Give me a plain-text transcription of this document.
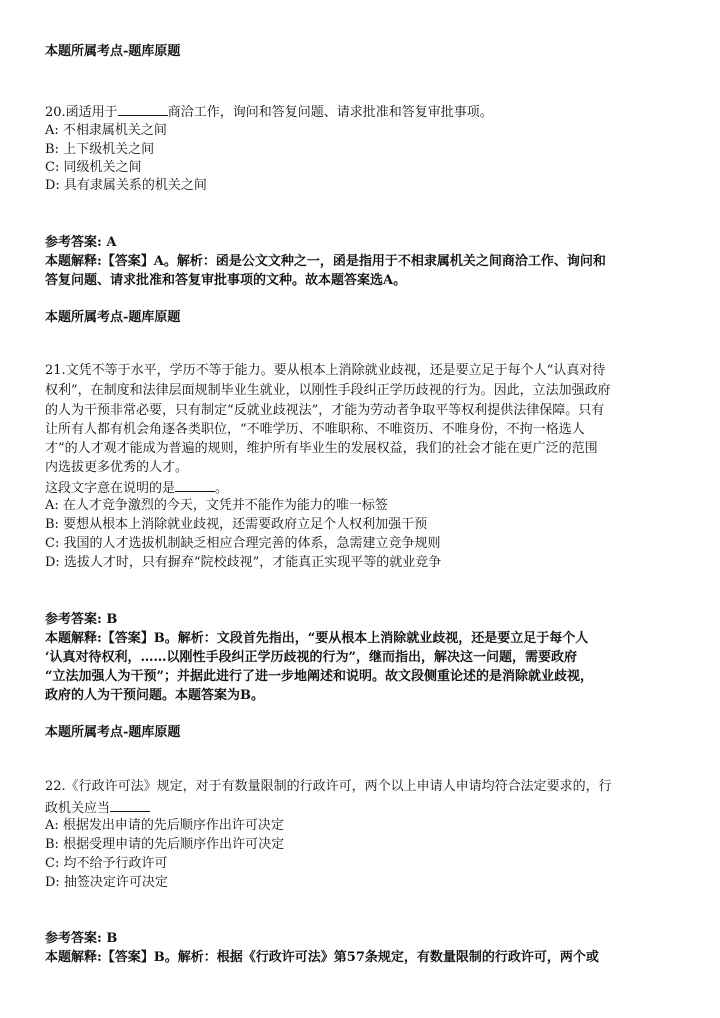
本题所属考点-题库原题
20.函适用于	商洽工作，询问和答复问题、请求批准和答复审批事项。
A: 不相隶属机关之间
B: 上下级机关之间
C: 同级机关之间
D: 具有隶属关系的机关之间
参考答案: A
本题解释:【答案】A。解析：函是公文文种之一，函是指用于不相隶属机关之间商洽工作、询问和
答复问题、请求批准和答复审批事项的文种。故本题答案选A。
本题所属考点-题库原题
21.文凭不等于水平，学历不等于能力。要从根本上消除就业歧视，还是要立足于每个人“认真对待
权利”，在制度和法律层面规制毕业生就业，以刚性手段纠正学历歧视的行为。因此，立法加强政府
的人为干预非常必要，只有制定“反就业歧视法”，才能为劳动者争取平等权利提供法律保障。只有
让所有人都有机会角逐各类职位，“不唯学历、不唯职称、不唯资历、不唯身份，不拘一格选人
才”的人才观才能成为普遍的规则，维护所有毕业生的发展权益，我们的社会才能在更广泛的范围
内选拔更多优秀的人才。
这段文字意在说明的是	。
A: 在人才竞争激烈的今天，文凭并不能作为能力的唯一标签
B: 要想从根本上消除就业歧视，还需要政府立足个人权利加强干预
C: 我国的人才选拔机制缺乏相应合理完善的体系，急需建立竞争规则
D: 选拔人才时，只有摒弃“院校歧视”，才能真正实现平等的就业竞争
参考答案: B
本题解释:【答案】B。解析：文段首先指出，“要从根本上消除就业歧视，还是要立足于每个人
‘认真对待权利，……以刚性手段纠正学历歧视的行为”，继而指出，解决这一问题，需要政府
“立法加强人为干预”；并据此进行了进一步地阐述和说明。故文段侧重论述的是消除就业歧视，
政府的人为干预问题。本题答案为B。
本题所属考点-题库原题
22.《行政许可法》规定，对于有数量限制的行政许可，两个以上申请人申请均符合法定要求的，行
政机关应当
A: 根据发出申请的先后顺序作出许可决定
B: 根据受理申请的先后顺序作出许可决定
C: 均不给予行政许可
D: 抽签决定许可决定
参考答案: B
本题解释:【答案】B。解析：根据《行政许可法》第57条规定，有数量限制的行政许可，两个或
